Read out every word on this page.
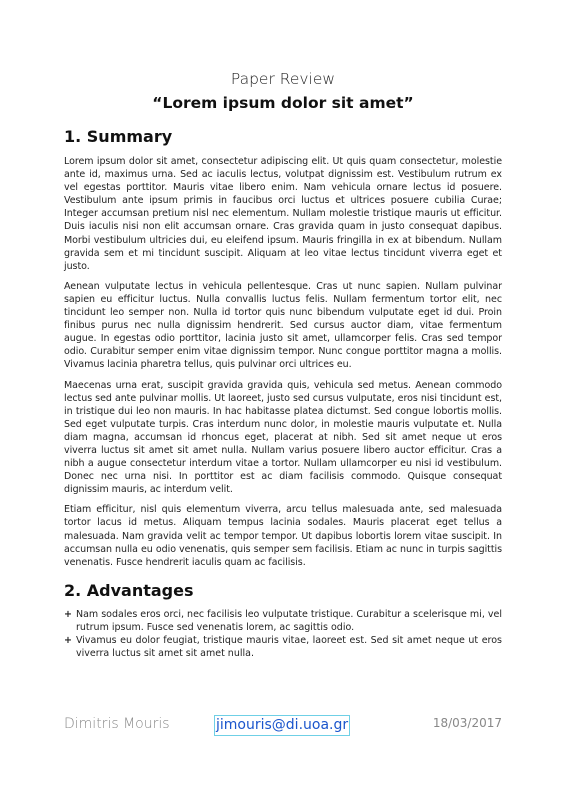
Paper Review
“Lorem ipsum dolor sit amet”
1. Summary

Lorem ipsum dolor sit amet, consectetur adipiscing elit. Ut quis quam consectetur, molestie ante id, maximus urna. Sed ac iaculis lectus, volutpat dignissim est. Vestibulum rutrum ex vel egestas porttitor. Mauris vitae libero enim. Nam vehicula ornare lectus id posuere. Vestibulum ante ipsum primis in faucibus orci luctus et ultrices posuere cubilia Curae; Integer accumsan pretium nisl nec elementum. Nullam molestie tristique mauris ut efficitur. Duis iaculis nisi non elit accumsan ornare. Cras gravida quam in justo consequat dapibus. Morbi vestibulum ultricies dui, eu eleifend ipsum. Mauris fringilla in ex at bibendum. Nullam gravida sem et mi tincidunt suscipit. Aliquam at leo vitae lectus tincidunt viverra eget et justo.

Aenean vulputate lectus in vehicula pellentesque. Cras ut nunc sapien. Nullam pulvinar sapien eu efficitur luctus. Nulla convallis luctus felis. Nullam fermentum tortor elit, nec tincidunt leo semper non. Nulla id tortor quis nunc bibendum vulputate eget id dui. Proin finibus purus nec nulla dignissim hendrerit. Sed cursus auctor diam, vitae fermentum augue. In egestas odio porttitor, lacinia justo sit amet, ullamcorper felis. Cras sed tempor odio. Curabitur semper enim vitae dignissim tempor. Nunc congue porttitor magna a mollis. Vivamus lacinia pharetra tellus, quis pulvinar orci ultrices eu.

Maecenas urna erat, suscipit gravida gravida quis, vehicula sed metus. Aenean commodo lectus sed ante pulvinar mollis. Ut laoreet, justo sed cursus vulputate, eros nisi tincidunt est, in tristique dui leo non mauris. In hac habitasse platea dictumst. Sed congue lobortis mollis. Sed eget vulputate turpis. Cras interdum nunc dolor, in molestie mauris vulputate et. Nulla diam magna, accumsan id rhoncus eget, placerat at nibh. Sed sit amet neque ut eros viverra luctus sit amet sit amet nulla. Nullam varius posuere libero auctor efficitur. Cras a nibh a augue consectetur interdum vitae a tortor. Nullam ullamcorper eu nisi id vestibulum. Donec nec urna nisi. In porttitor est ac diam facilisis commodo. Quisque consequat dignissim mauris, ac interdum velit.

Etiam efficitur, nisl quis elementum viverra, arcu tellus malesuada ante, sed malesuada tortor lacus id metus. Aliquam tempus lacinia sodales. Mauris placerat eget tellus a malesuada. Nam gravida velit ac tempor tempor. Ut dapibus lobortis lorem vitae suscipit. In accumsan nulla eu odio venenatis, quis semper sem facilisis. Etiam ac nunc in turpis sagittis venenatis. Fusce hendrerit iaculis quam ac facilisis.

2. Advantages
+ Nam sodales eros orci, nec facilisis leo vulputate tristique. Curabitur a scelerisque mi, vel rutrum ipsum. Fusce sed venenatis lorem, ac sagittis odio.
+ Vivamus eu dolor feugiat, tristique mauris vitae, laoreet est. Sed sit amet neque ut eros viverra luctus sit amet sit amet nulla.
Dimitris Mouris	jimouris@di.uoa.gr	18/03/2017
